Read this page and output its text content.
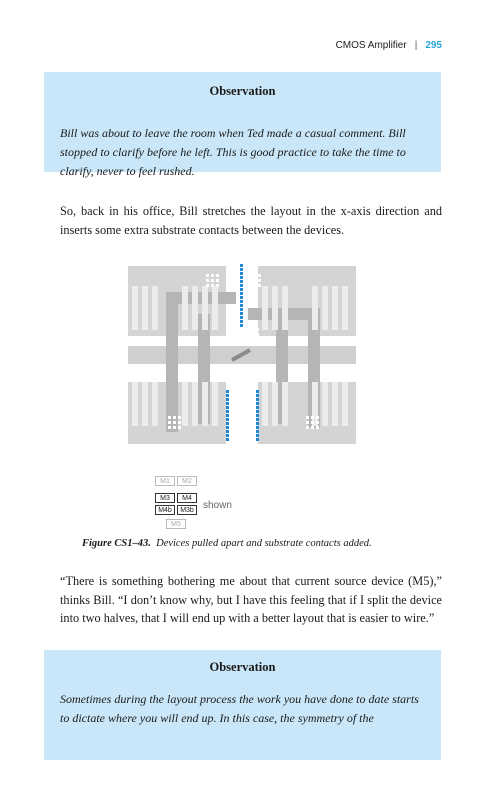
CMOS Amplifier | 295
Observation
Bill was about to leave the room when Ted made a casual comment. Bill stopped to clarify before he left. This is good practice to take the time to clarify, never to feel rushed.
So, back in his office, Bill stretches the layout in the x-axis direction and inserts some extra substrate contacts between the devices.
M1	M2
M3	M4
M4b	M3b
M5
shown
Figure CS1–43. Devices pulled apart and substrate contacts added.
“There is something bothering me about that current source device (M5),” thinks Bill. “I don’t know why, but I have this feeling that if I split the device into two halves, that I will end up with a better layout that is easier to wire.”
Observation
Sometimes during the layout process the work you have done to date starts to dictate where you will end up. In this case, the symmetry of the
